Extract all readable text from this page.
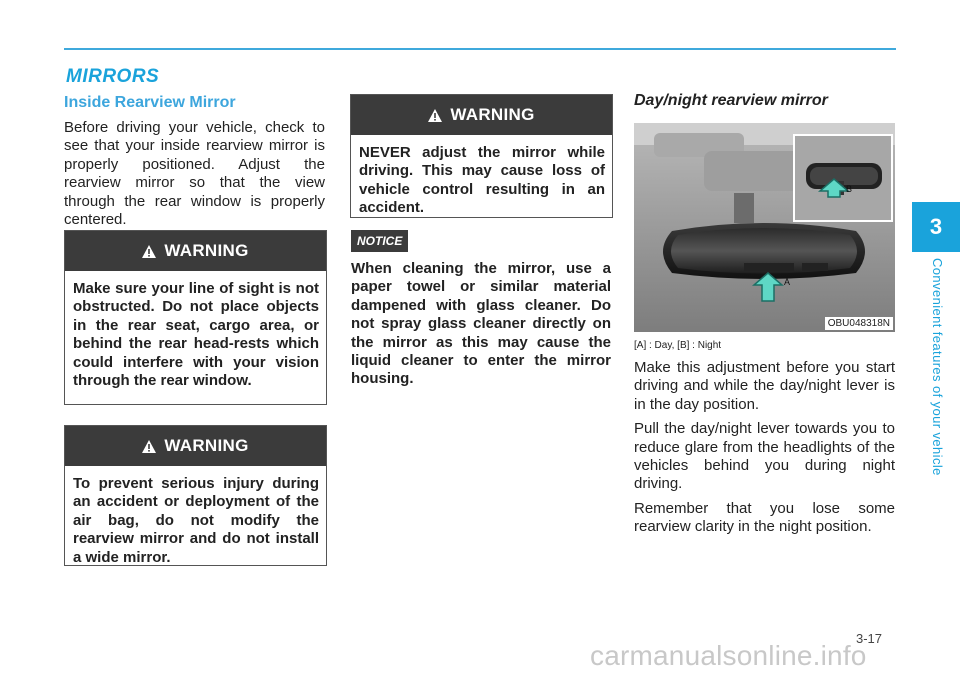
MIRRORS
Inside Rearview Mirror
Before driving your vehicle, check to see that your inside rearview mirror is properly positioned. Adjust the rearview mirror so that the view through the rear window is properly centered.
WARNING
Make sure your line of sight is not obstructed. Do not place objects in the rear seat, cargo area, or behind the rear head-rests which could interfere with your vision through the rear window.
WARNING
To prevent serious injury during an accident or deployment of the air bag, do not modify the rearview mirror and do not install a wide mirror.
WARNING
NEVER adjust the mirror while driving. This may cause loss of vehicle control resulting in an accident.
NOTICE
When cleaning the mirror, use a paper towel or similar material dampened with glass cleaner. Do not spray glass cleaner directly on the mirror as this may cause the liquid cleaner to enter the mirror housing.
Day/night rearview mirror
B
A
OBU048318N
[A] : Day, [B] : Night

Make this adjustment before you start driving and while the day/night lever is in the day position.

Pull the day/night lever towards you to reduce glare from the headlights of the vehicles behind you during night driving.

Remember that you lose some rearview clarity in the night position.

3
Convenient features of your vehicle
3-17
carmanualsonline.info
